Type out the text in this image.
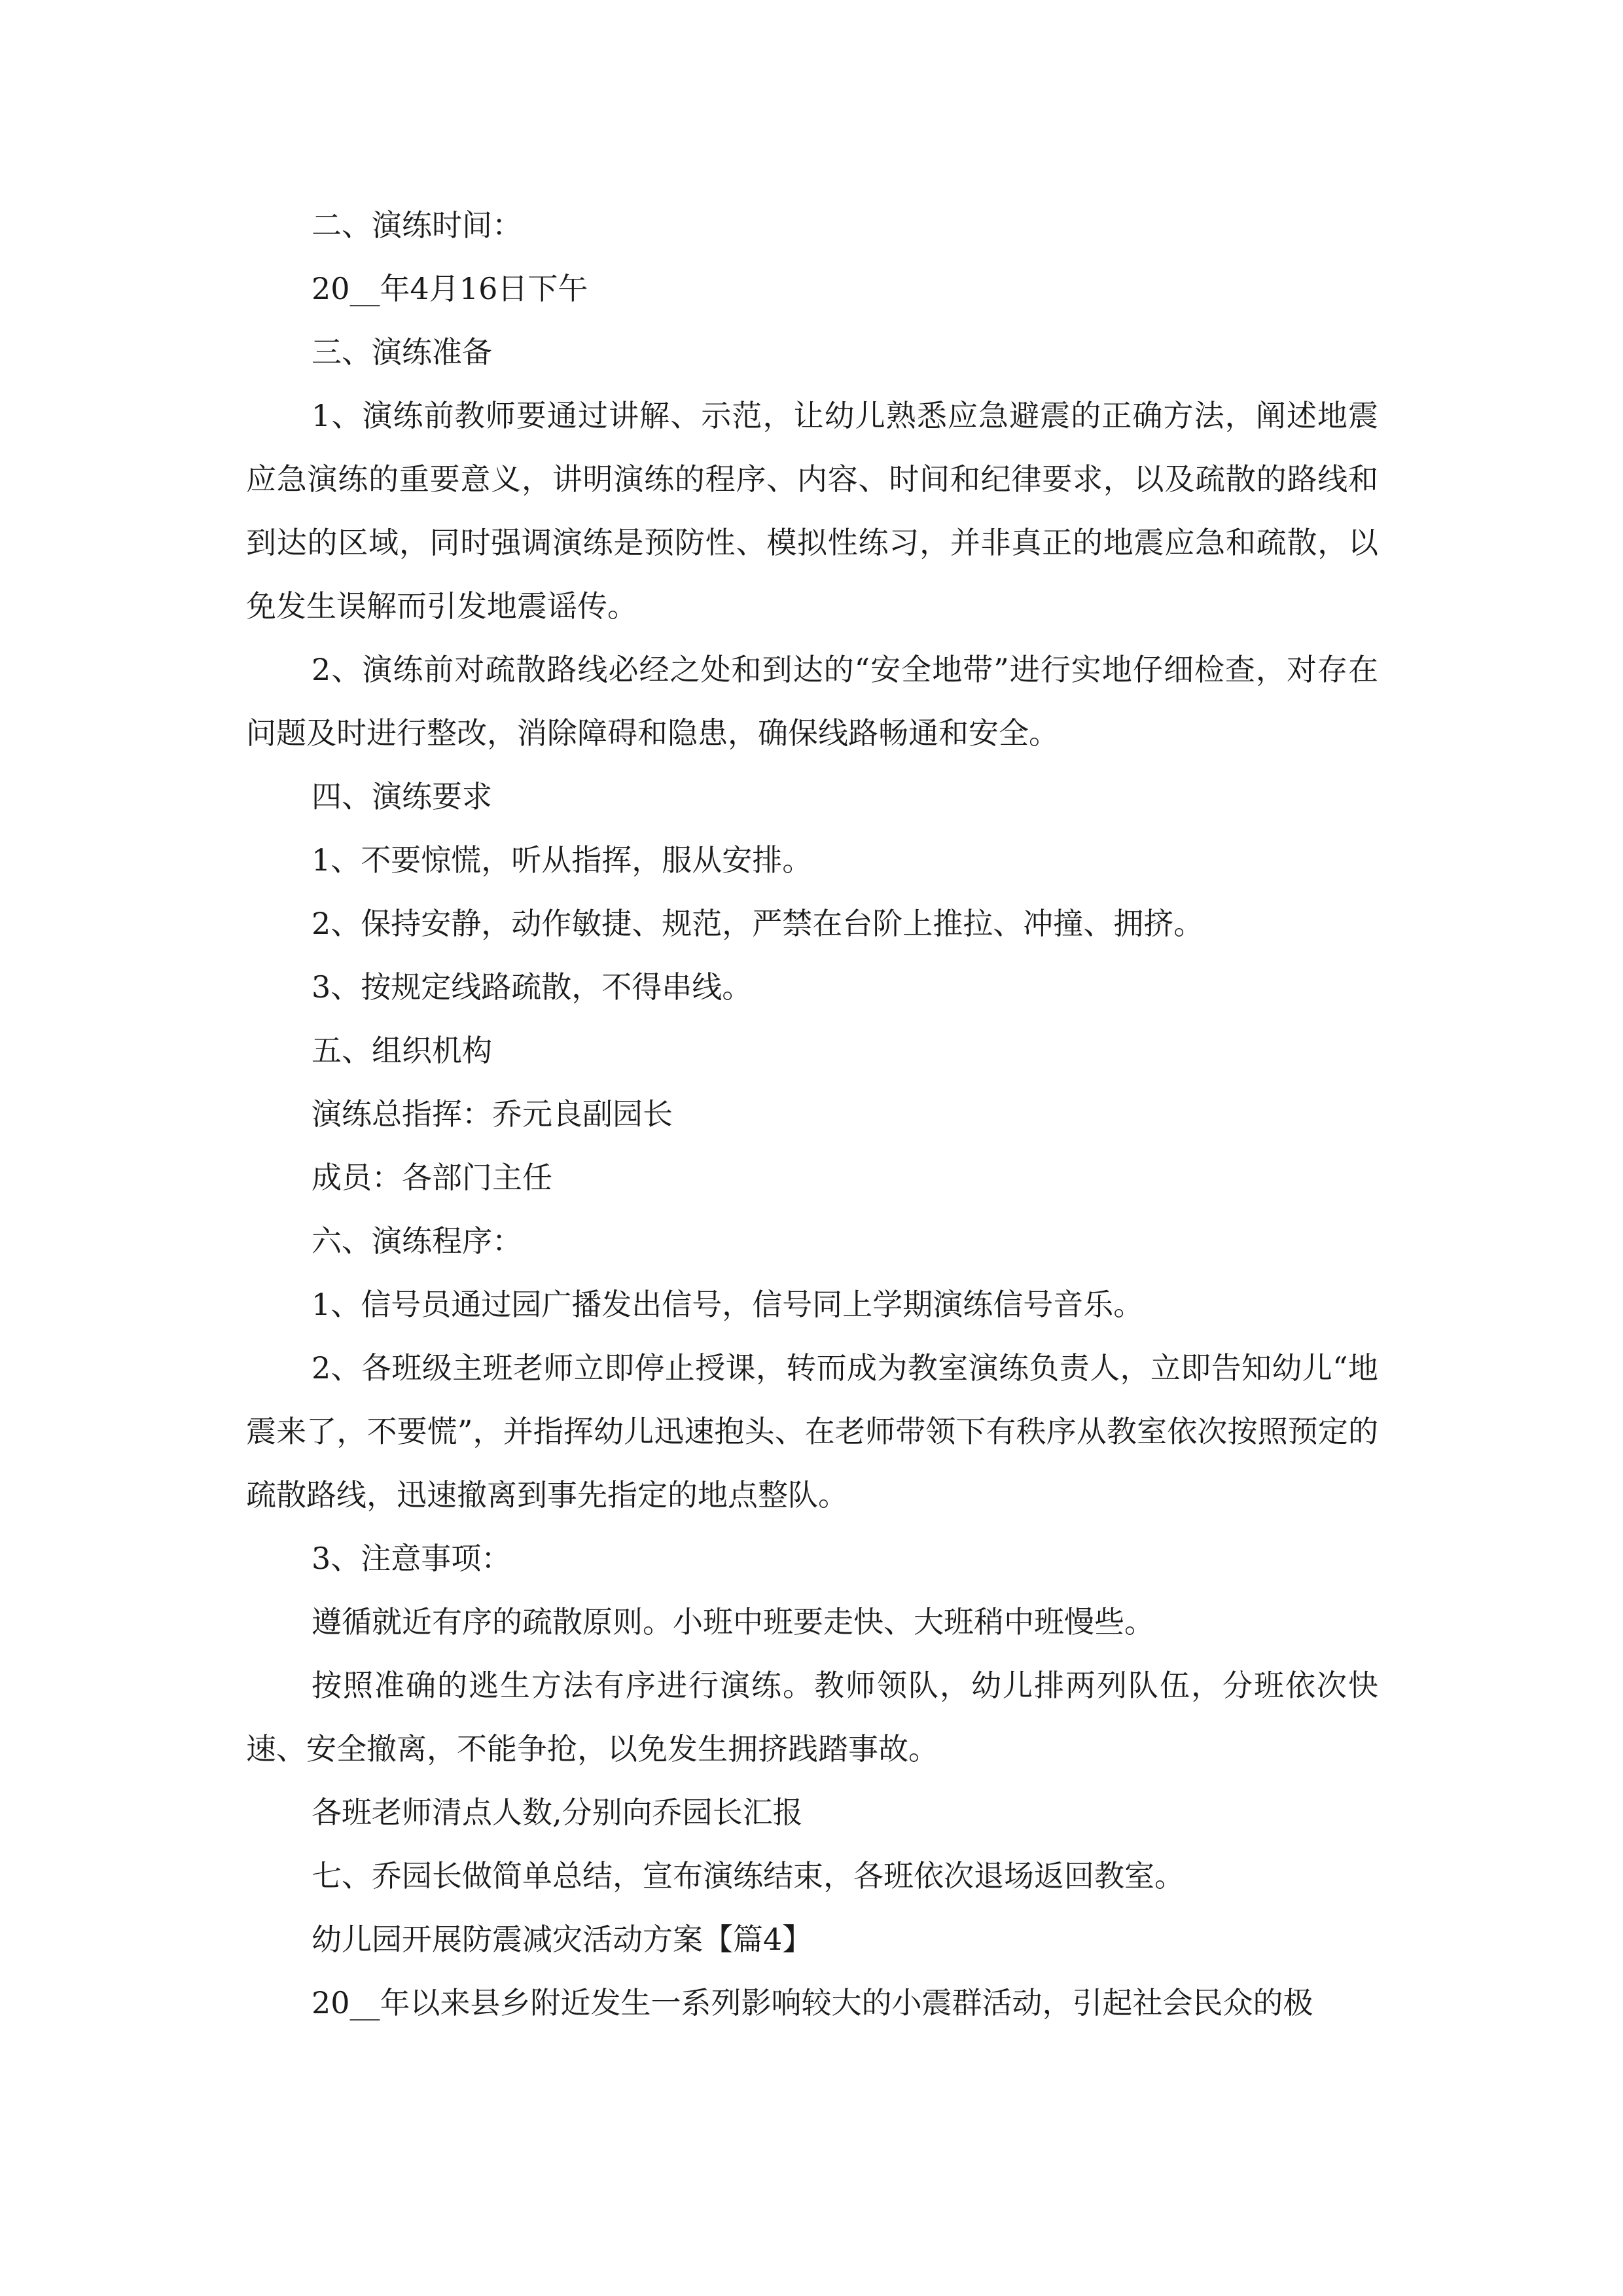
二、演练时间：

20__年4月16日下午

三、演练准备

1、演练前教师要通过讲解、示范，让幼儿熟悉应急避震的正确方法，阐述地震应急演练的重要意义，讲明演练的程序、内容、时间和纪律要求，以及疏散的路线和到达的区域，同时强调演练是预防性、模拟性练习，并非真正的地震应急和疏散，以免发生误解而引发地震谣传。

2、演练前对疏散路线必经之处和到达的“安全地带”进行实地仔细检查，对存在问题及时进行整改，消除障碍和隐患，确保线路畅通和安全。

四、演练要求

1、不要惊慌，听从指挥，服从安排。

2、保持安静，动作敏捷、规范，严禁在台阶上推拉、冲撞、拥挤。

3、按规定线路疏散，不得串线。

五、组织机构

演练总指挥：乔元良副园长

成员：各部门主任

六、演练程序：

1、信号员通过园广播发出信号，信号同上学期演练信号音乐。

2、各班级主班老师立即停止授课，转而成为教室演练负责人，立即告知幼儿“地震来了，不要慌”，并指挥幼儿迅速抱头、在老师带领下有秩序从教室依次按照预定的疏散路线，迅速撤离到事先指定的地点整队。

3、注意事项：

遵循就近有序的疏散原则。小班中班要走快、大班稍中班慢些。

按照准确的逃生方法有序进行演练。教师领队，幼儿排两列队伍，分班依次快速、安全撤离，不能争抢，以免发生拥挤践踏事故。

各班老师清点人数,分别向乔园长汇报

七、乔园长做简单总结，宣布演练结束，各班依次退场返回教室。

幼儿园开展防震减灾活动方案【篇4】

20__年以来县乡附近发生一系列影响较大的小震群活动，引起社会民众的极
